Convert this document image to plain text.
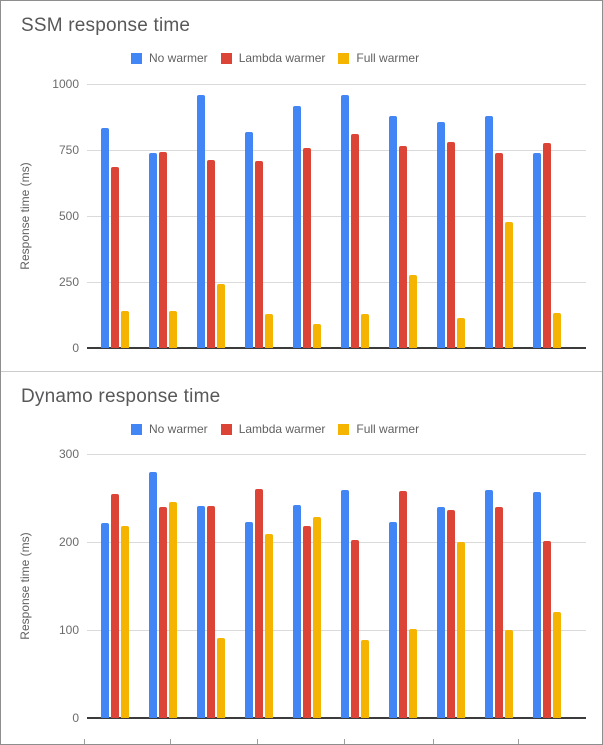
SSM response time
No warmer	Lambda warmer	Full warmer
Response time (ms)
0
250
500
750
1000
Dynamo response time
No warmer	Lambda warmer	Full warmer
Response time (ms)
0
100
200
300
